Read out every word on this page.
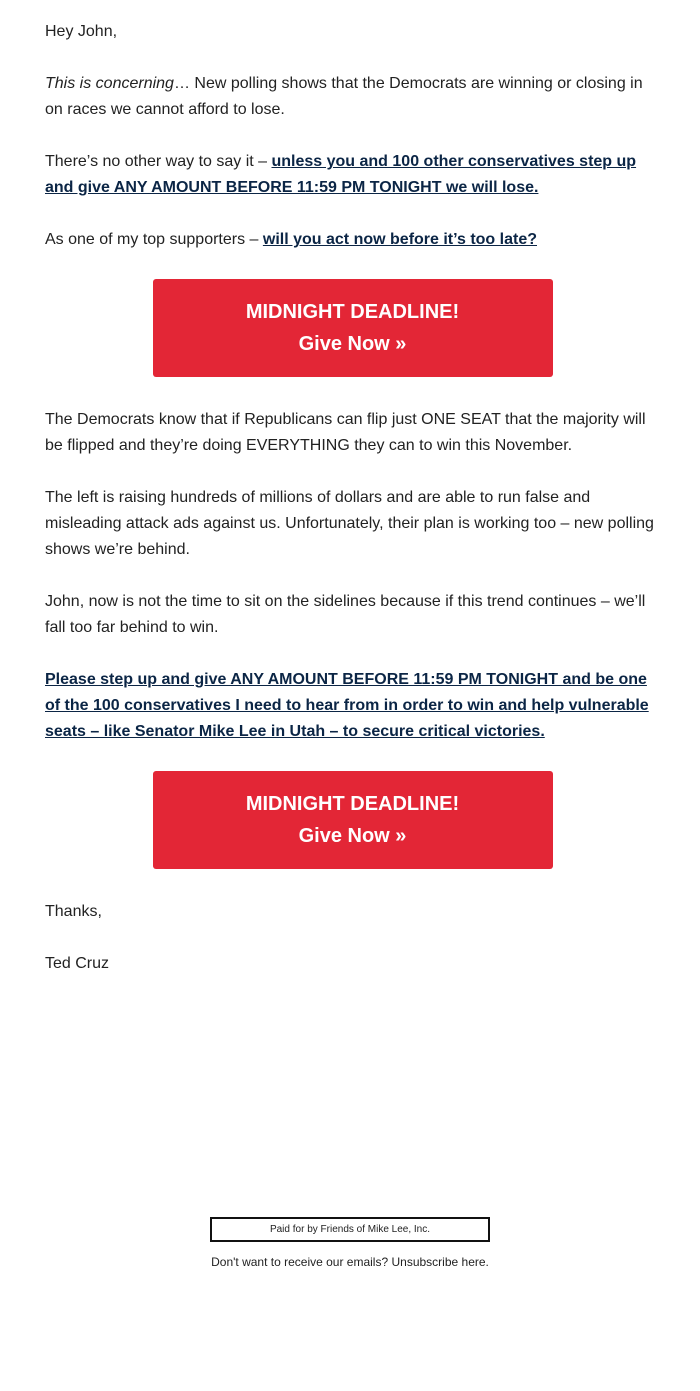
Hey John,

This is concerning… New polling shows that the Democrats are winning or closing in on races we cannot afford to lose.

There’s no other way to say it – unless you and 100 other conservatives step up and give ANY AMOUNT BEFORE 11:59 PM TONIGHT we will lose.

As one of my top supporters – will you act now before it’s too late?

MIDNIGHT DEADLINE!
Give Now »

The Democrats know that if Republicans can flip just ONE SEAT that the majority will be flipped and they’re doing EVERYTHING they can to win this November.

The left is raising hundreds of millions of dollars and are able to run false and misleading attack ads against us. Unfortunately, their plan is working too – new polling shows we’re behind.

John, now is not the time to sit on the sidelines because if this trend continues – we’ll fall too far behind to win.

Please step up and give ANY AMOUNT BEFORE 11:59 PM TONIGHT and be one of the 100 conservatives I need to hear from in order to win and help vulnerable seats – like Senator Mike Lee in Utah – to secure critical victories.

MIDNIGHT DEADLINE!
Give Now »

Thanks,

Ted Cruz

Paid for by Friends of Mike Lee, Inc.
Don't want to receive our emails? Unsubscribe here.
